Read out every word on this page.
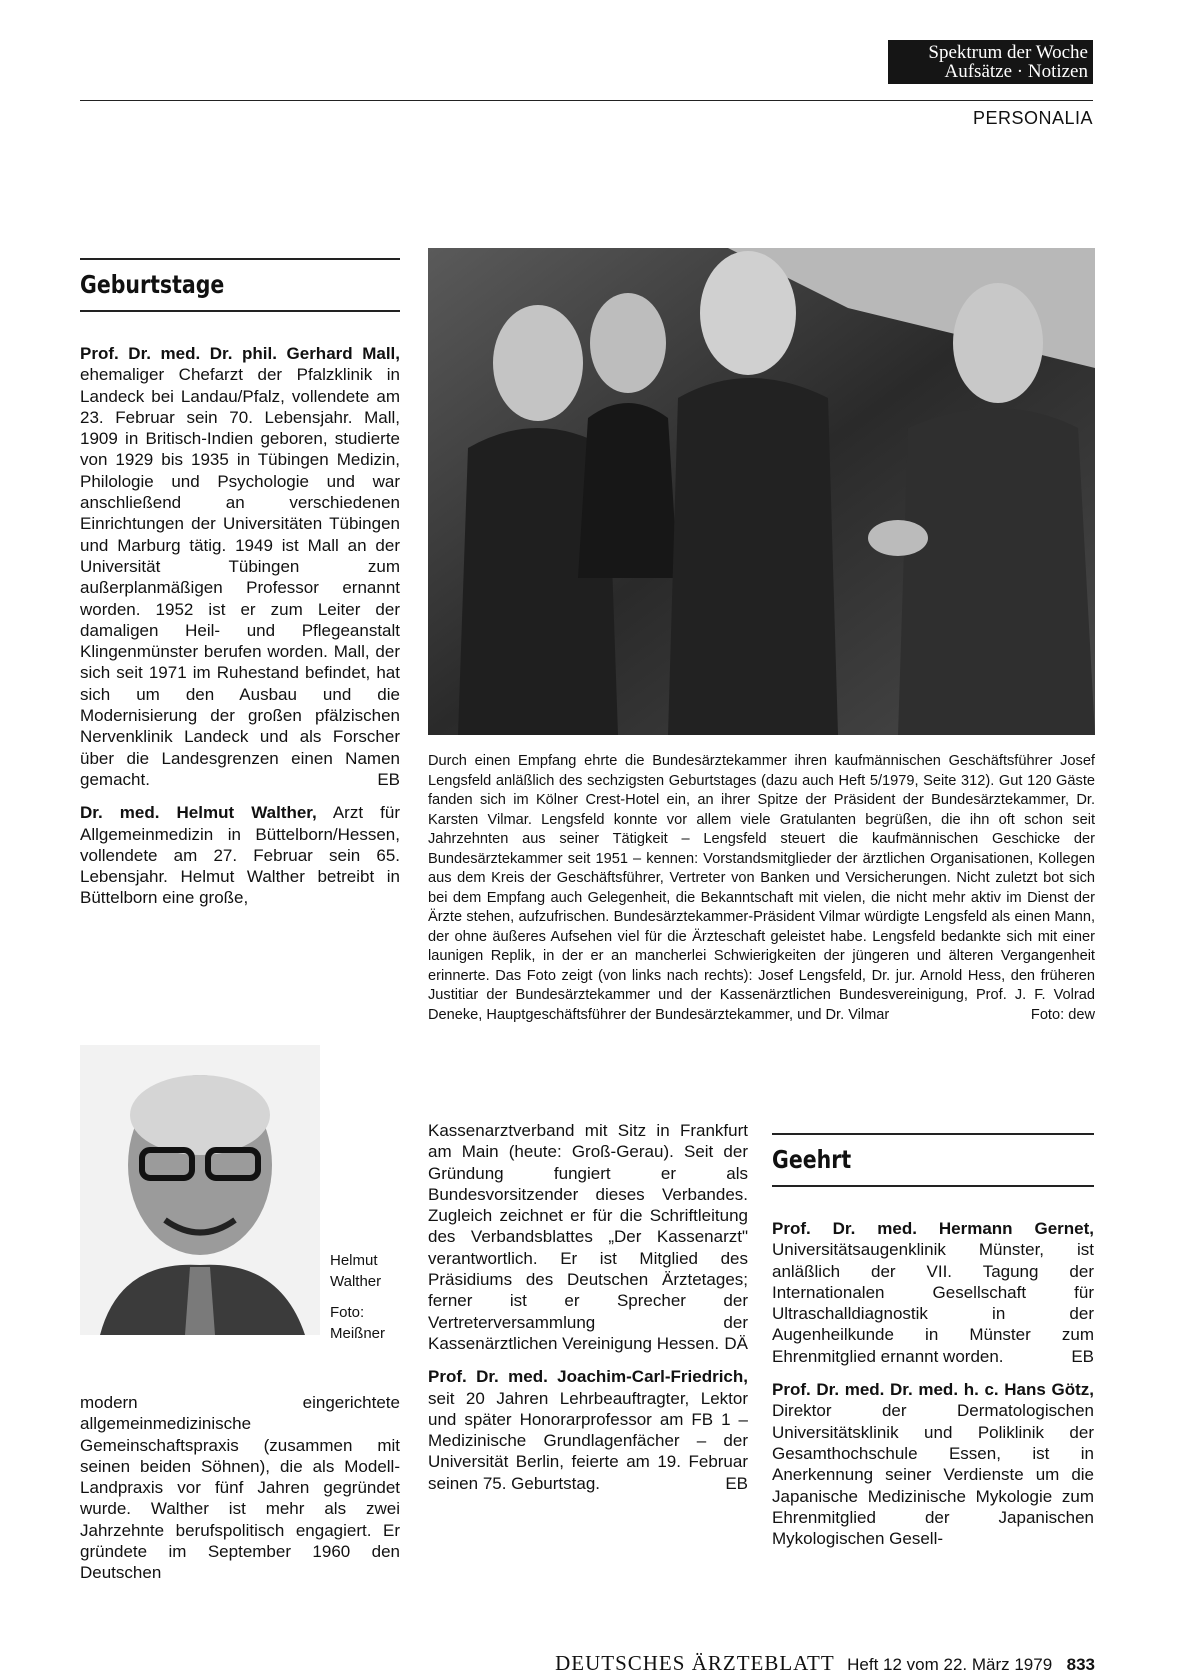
Spektrum der Woche
Aufsätze · Notizen
PERSONALIA
Geburtstage

Prof. Dr. med. Dr. phil. Gerhard Mall, ehemaliger Chefarzt der Pfalzklinik in Landeck bei Landau/Pfalz, vollendete am 23. Februar sein 70. Lebensjahr. Mall, 1909 in Britisch-Indien geboren, studierte von 1929 bis 1935 in Tübingen Medizin, Philologie und Psychologie und war anschließend an verschiedenen Einrichtungen der Universitäten Tübingen und Marburg tätig. 1949 ist Mall an der Universität Tübingen zum außerplanmäßigen Professor ernannt worden. 1952 ist er zum Leiter der damaligen Heil- und Pflegeanstalt Klingenmünster berufen worden. Mall, der sich seit 1971 im Ruhestand befindet, hat sich um den Ausbau und die Modernisierung der großen pfälzischen Nervenklinik Landeck und als Forscher über die Landesgrenzen einen Namen gemacht.	EB

Dr. med. Helmut Walther, Arzt für Allgemeinmedizin in Büttelborn/Hessen, vollendete am 27. Februar sein 65. Lebensjahr. Helmut Walther betreibt in Büttelborn eine große,

Helmut
Walther
Foto:
Meißner

modern eingerichtete allgemeinmedizinische Gemeinschaftspraxis (zusammen mit seinen beiden Söhnen), die als Modell-Landpraxis vor fünf Jahren gegründet wurde. Walther ist mehr als zwei Jahrzehnte berufspolitisch engagiert. Er gründete im September 1960 den Deutschen

Durch einen Empfang ehrte die Bundesärztekammer ihren kaufmännischen Geschäftsführer Josef Lengsfeld anläßlich des sechzigsten Geburtstages (dazu auch Heft 5/1979, Seite 312). Gut 120 Gäste fanden sich im Kölner Crest-Hotel ein, an ihrer Spitze der Präsident der Bundesärztekammer, Dr. Karsten Vilmar. Lengsfeld konnte vor allem viele Gratulanten begrüßen, die ihn oft schon seit Jahrzehnten aus seiner Tätigkeit – Lengsfeld steuert die kaufmännischen Geschicke der Bundesärztekammer seit 1951 – kennen: Vorstandsmitglieder der ärztlichen Organisationen, Kollegen aus dem Kreis der Geschäftsführer, Vertreter von Banken und Versicherungen. Nicht zuletzt bot sich bei dem Empfang auch Gelegenheit, die Bekanntschaft mit vielen, die nicht mehr aktiv im Dienst der Ärzte stehen, aufzufrischen. Bundesärztekammer-Präsident Vilmar würdigte Lengsfeld als einen Mann, der ohne äußeres Aufsehen viel für die Ärzteschaft geleistet habe. Lengsfeld bedankte sich mit einer launigen Replik, in der er an mancherlei Schwierigkeiten der jüngeren und älteren Vergangenheit erinnerte. Das Foto zeigt (von links nach rechts): Josef Lengsfeld, Dr. jur. Arnold Hess, den früheren Justitiar der Bundesärztekammer und der Kassenärztlichen Bundesvereinigung, Prof. J. F. Volrad Deneke, Hauptgeschäftsführer der Bundesärztekammer, und Dr. Vilmar	Foto: dew

Kassenarztverband mit Sitz in Frankfurt am Main (heute: Groß-Gerau). Seit der Gründung fungiert er als Bundesvorsitzender dieses Verbandes. Zugleich zeichnet er für die Schriftleitung des Verbandsblattes „Der Kassenarzt" verantwortlich. Er ist Mitglied des Präsidiums des Deutschen Ärztetages; ferner ist er Sprecher der Vertreterversammlung der Kassenärztlichen Vereinigung Hessen. DÄ

Prof. Dr. med. Joachim-Carl-Friedrich, seit 20 Jahren Lehrbeauftragter, Lektor und später Honorarprofessor am FB 1 – Medizinische Grundlagenfächer – der Universität Berlin, feierte am 19. Februar seinen 75. Geburtstag.	EB

Geehrt

Prof. Dr. med. Hermann Gernet, Universitätsaugenklinik Münster, ist anläßlich der VII. Tagung der Internationalen Gesellschaft für Ultraschalldiagnostik in der Augenheilkunde in Münster zum Ehrenmitglied ernannt worden.	EB

Prof. Dr. med. Dr. med. h. c. Hans Götz, Direktor der Dermatologischen Universitätsklinik und Poliklinik der Gesamthochschule Essen, ist in Anerkennung seiner Verdienste um die Japanische Medizinische Mykologie zum Ehrenmitglied der Japanischen Mykologischen Gesell-

DEUTSCHES ÄRZTEBLATT Heft 12 vom 22. März 1979 833
